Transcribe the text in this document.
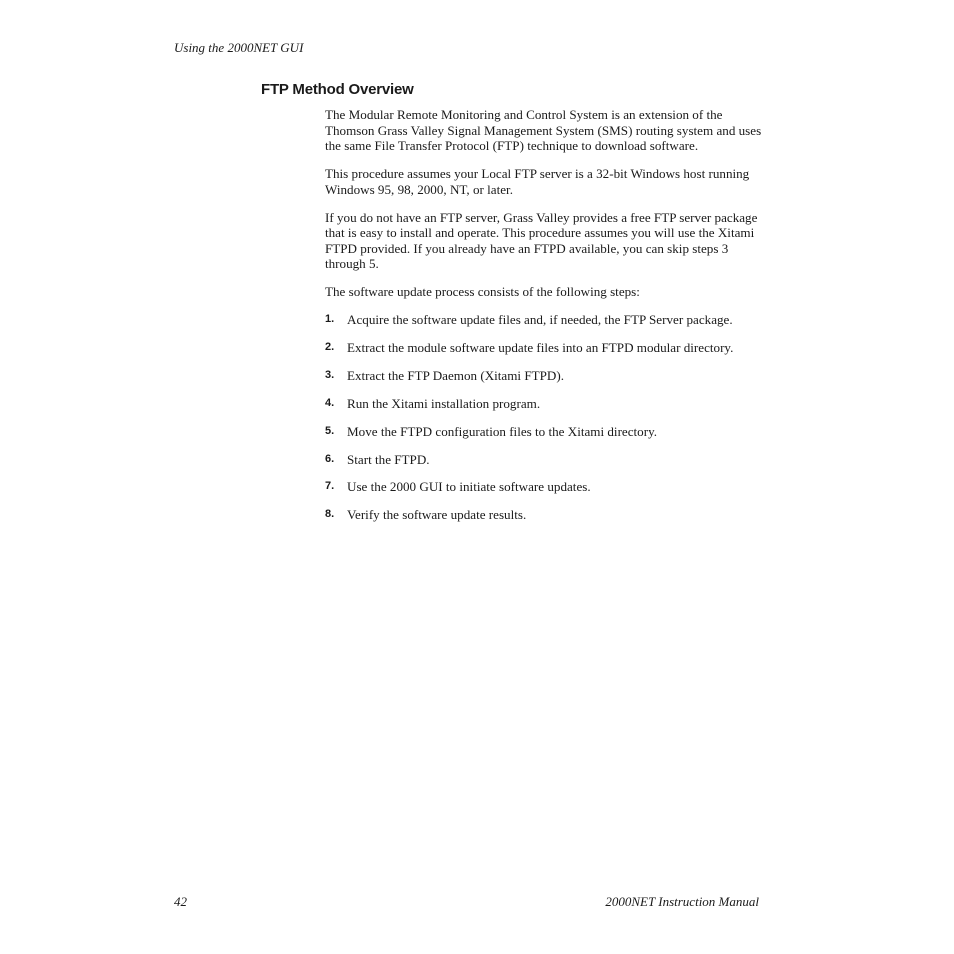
Using the 2000NET GUI
FTP Method Overview

The Modular Remote Monitoring and Control System is an extension of the Thomson Grass Valley Signal Management System (SMS) routing system and uses the same File Transfer Protocol (FTP) technique to download software.

This procedure assumes your Local FTP server is a 32-bit Windows host running Windows 95, 98, 2000, NT, or later.

If you do not have an FTP server, Grass Valley provides a free FTP server package that is easy to install and operate. This procedure assumes you will use the Xitami FTPD provided. If you already have an FTPD available, you can skip steps 3 through 5.

The software update process consists of the following steps:

1. Acquire the software update files and, if needed, the FTP Server package.
2. Extract the module software update files into an FTPD modular directory.
3. Extract the FTP Daemon (Xitami FTPD).
4. Run the Xitami installation program.
5. Move the FTPD configuration files to the Xitami directory.
6. Start the FTPD.
7. Use the 2000 GUI to initiate software updates.
8. Verify the software update results.
42	2000NET Instruction Manual
